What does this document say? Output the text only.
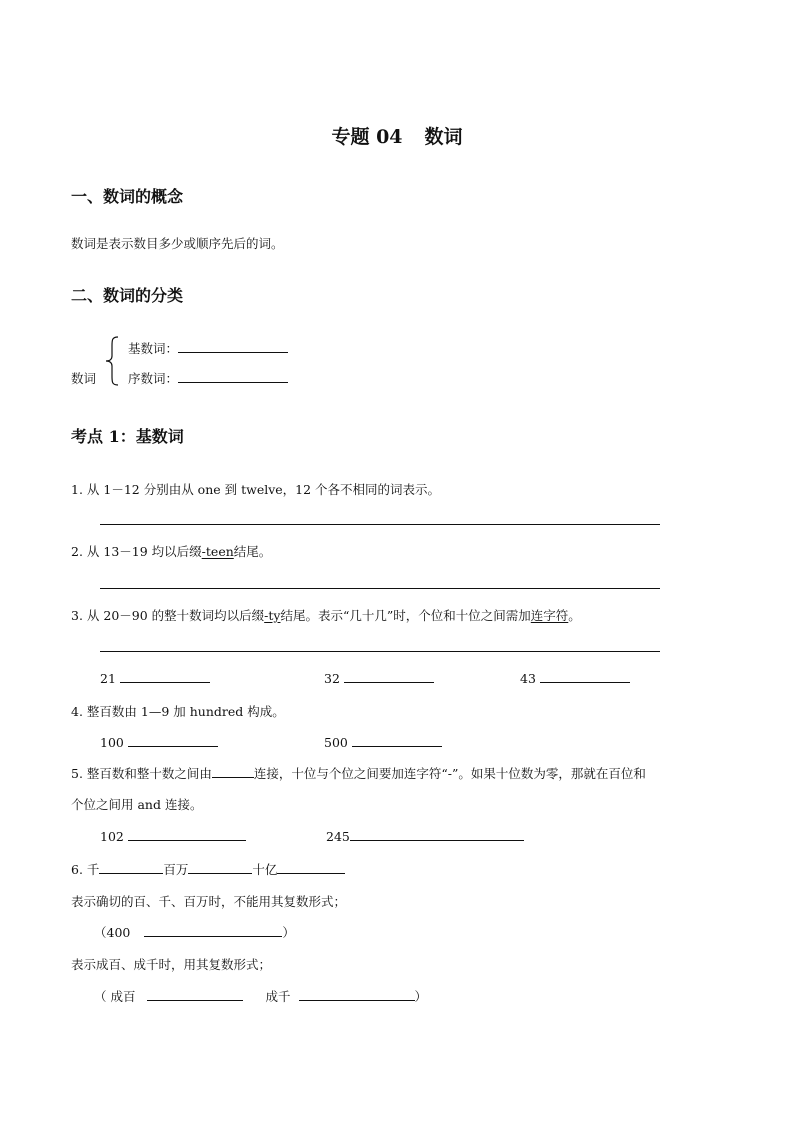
专题 04 数词
一、数词的概念
数词是表示数目多少或顺序先后的词。
二、数词的分类
数词
基数词：
序数词：
考点 1：基数词
1. 从 1－12 分别由从 one 到 twelve，12 个各不相同的词表示。
2. 从 13－19 均以后缀-teen结尾。
3. 从 20－90 的整十数词均以后缀-ty结尾。表示“几十几”时，个位和十位之间需加连字符。
21	32	43
4. 整百数由 1—9 加 hundred 构成。
100	500
5. 整百数和整十数之间由	连接，十位与个位之间要加连字符“-”。如果十位数为零，那就在百位和
个位之间用 and 连接。
102	245
6. 千	百万	十亿
表示确切的百、千、百万时，不能用其复数形式；
（400	）
表示成百、成千时，用其复数形式；
（ 成百	成千	）
